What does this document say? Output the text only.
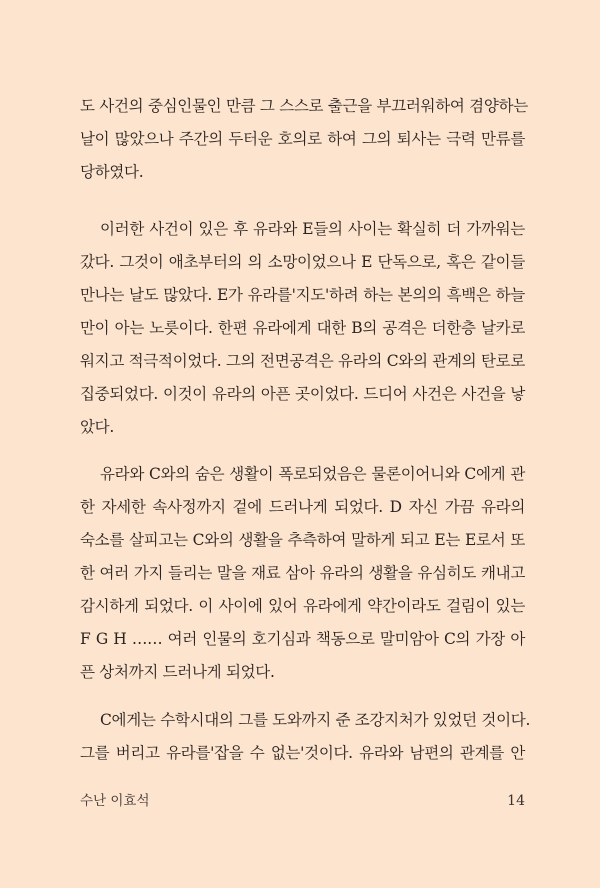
도 사건의 중심인물인 만큼 그 스스로 출근을 부끄러워하여 겸양하는
날이 많았으나 주간의 두터운 호의로 하여 그의 퇴사는 극력 만류를
당하였다.
이러한 사건이 있은 후 유라와 E들의 사이는 확실히 더 가까워는
갔다. 그것이 애초부터의 의 소망이었으나 E 단독으로, 혹은 같이들
만나는 날도 많았다. E가 유라를'지도'하려 하는 본의의 흑백은 하늘
만이 아는 노릇이다. 한편 유라에게 대한 B의 공격은 더한층 날카로
워지고 적극적이었다. 그의 전면공격은 유라의 C와의 관계의 탄로로
집중되었다. 이것이 유라의 아픈 곳이었다. 드디어 사건은 사건을 낳
았다.
유라와 C와의 숨은 생활이 폭로되었음은 물론이어니와 C에게 관
한 자세한 속사정까지 겉에 드러나게 되었다. D 자신 가끔 유라의
숙소를 살피고는 C와의 생활을 추측하여 말하게 되고 E는 E로서 또
한 여러 가지 들리는 말을 재료 삼아 유라의 생활을 유심히도 캐내고
감시하게 되었다. 이 사이에 있어 유라에게 약간이라도 걸림이 있는
F G H …… 여러 인물의 호기심과 책동으로 말미암아 C의 가장 아
픈 상처까지 드러나게 되었다.
C에게는 수학시대의 그를 도와까지 준 조강지처가 있었던 것이다.
그를 버리고 유라를'잡을 수 없는'것이다. 유라와 남편의 관계를 안
수난 이효석	14
